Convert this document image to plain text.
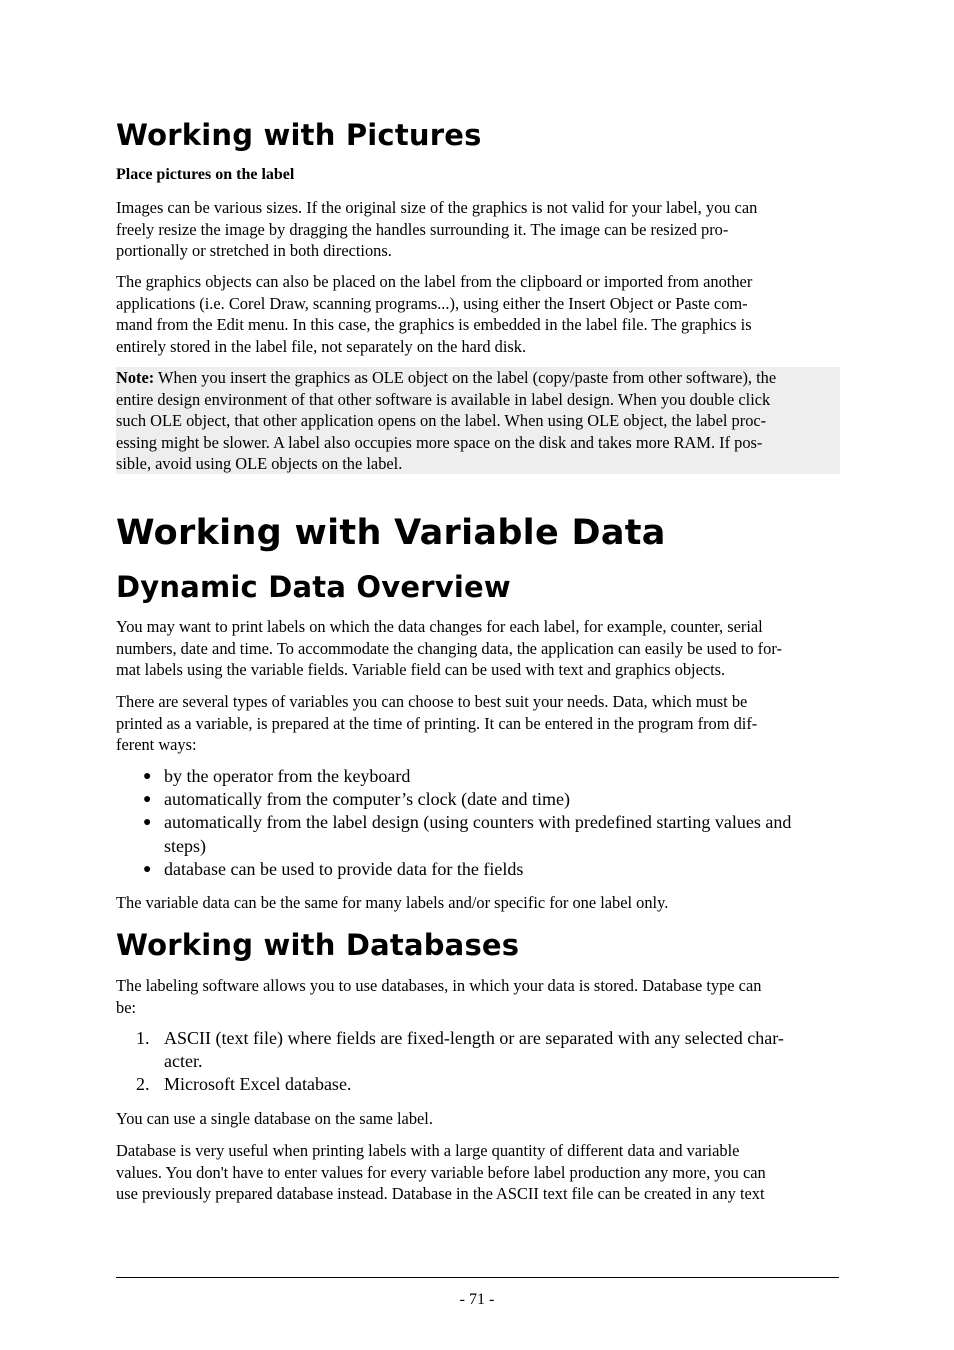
Working with Pictures
Place pictures on the label
Images can be various sizes. If the original size of the graphics is not valid for your label, you can
freely resize the image by dragging the handles surrounding it. The image can be resized pro-
portionally or stretched in both directions.
The graphics objects can also be placed on the label from the clipboard or imported from another
applications (i.e. Corel Draw, scanning programs...), using either the Insert Object or Paste com-
mand from the Edit menu. In this case, the graphics is embedded in the label file. The graphics is
entirely stored in the label file, not separately on the hard disk.
Note: When you insert the graphics as OLE object on the label (copy/paste from other software), the
entire design environment of that other software is available in label design. When you double click
such OLE object, that other application opens on the label. When using OLE object, the label proc-
essing might be slower. A label also occupies more space on the disk and takes more RAM. If pos-
sible, avoid using OLE objects on the label.
Working with Variable Data
Dynamic Data Overview
You may want to print labels on which the data changes for each label, for example, counter, serial
numbers, date and time. To accommodate the changing data, the application can easily be used to for-
mat labels using the variable fields. Variable field can be used with text and graphics objects.
There are several types of variables you can choose to best suit your needs. Data, which must be
printed as a variable, is prepared at the time of printing. It can be entered in the program from dif-
ferent ways:
● by the operator from the keyboard
● automatically from the computer’s clock (date and time)
● automatically from the label design (using counters with predefined starting values and
steps)
● database can be used to provide data for the fields
The variable data can be the same for many labels and/or specific for one label only.
Working with Databases
The labeling software allows you to use databases, in which your data is stored. Database type can
be:
1. ASCII (text file) where fields are fixed-length or are separated with any selected char-
acter.
2. Microsoft Excel database.
You can use a single database on the same label.
Database is very useful when printing labels with a large quantity of different data and variable
values. You don't have to enter values for every variable before label production any more, you can
use previously prepared database instead. Database in the ASCII text file can be created in any text
- 71 -
